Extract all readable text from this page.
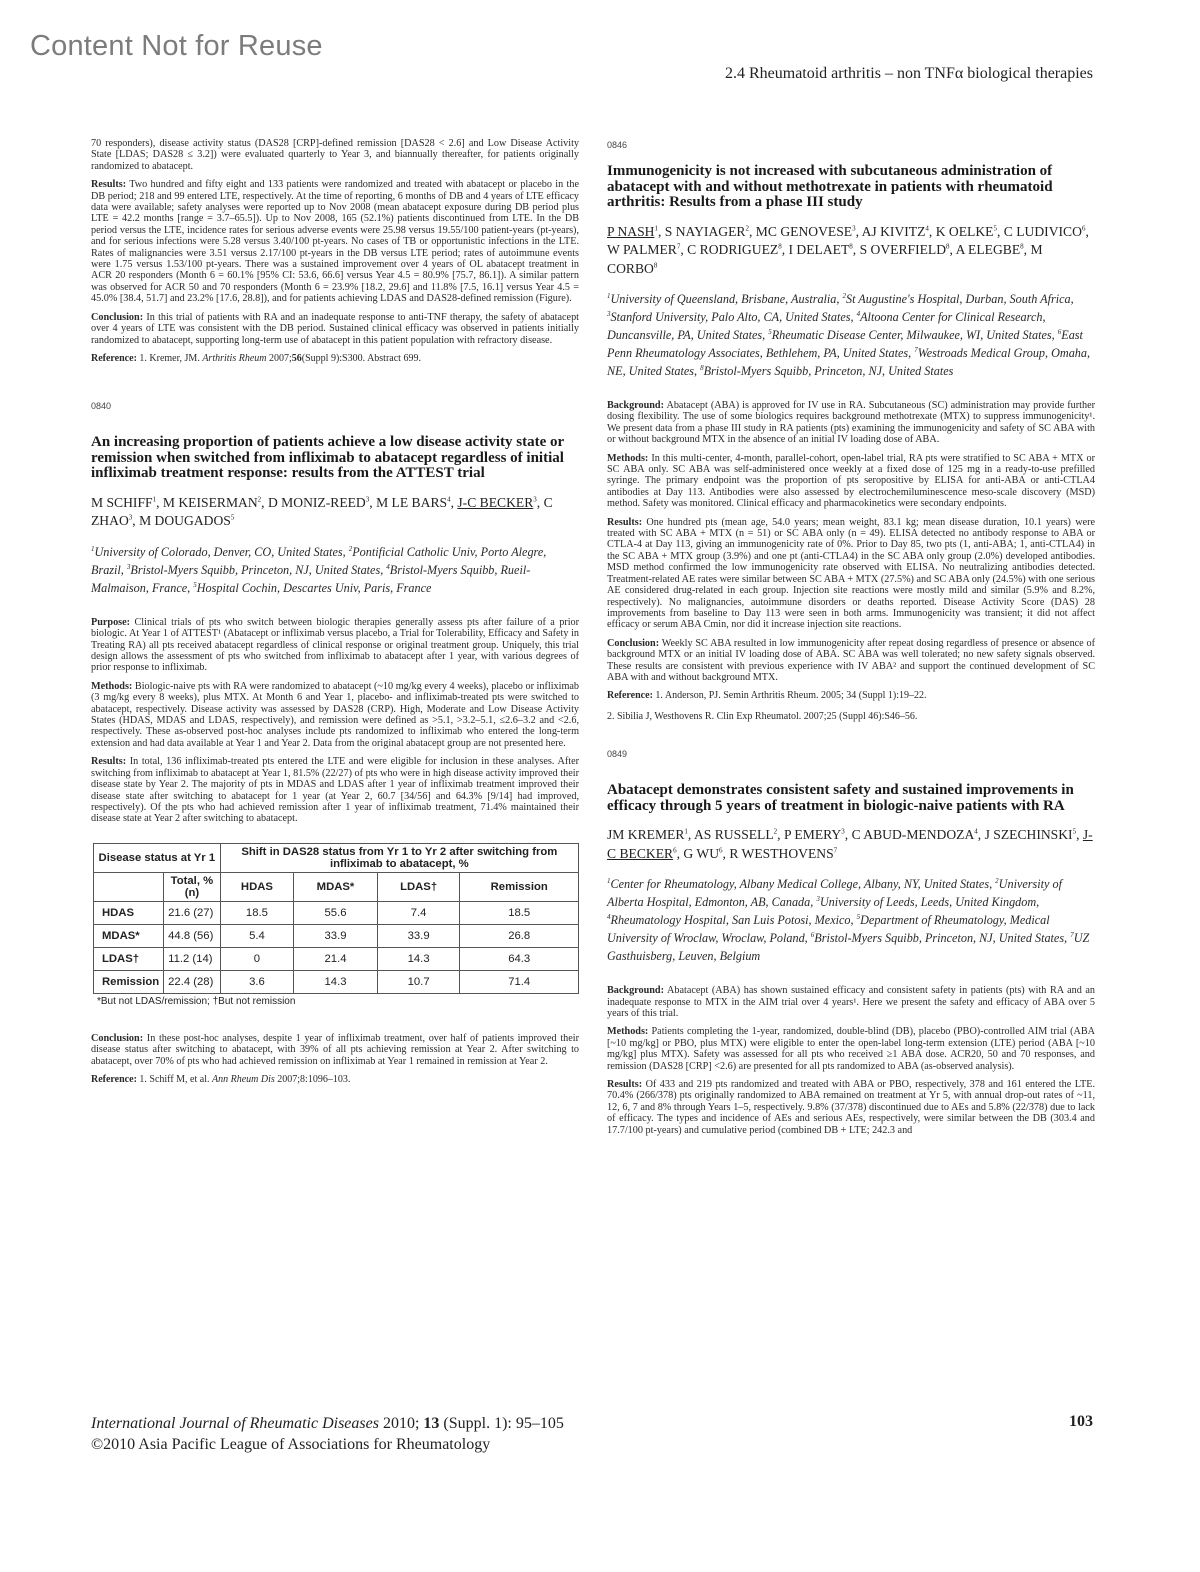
Content Not for Reuse
2.4 Rheumatoid arthritis – non TNFα biological therapies

70 responders), disease activity status (DAS28 [CRP]-defined remission [DAS28 < 2.6] and Low Disease Activity State [LDAS; DAS28 ≤ 3.2]) were evaluated quarterly to Year 3, and biannually thereafter, for patients originally randomized to abatacept.

Results: Two hundred and fifty eight and 133 patients were randomized and treated with abatacept or placebo in the DB period; 218 and 99 entered LTE, respectively. At the time of reporting, 6 months of DB and 4 years of LTE efficacy data were available; safety analyses were reported up to Nov 2008 (mean abatacept exposure during DB period plus LTE = 42.2 months [range = 3.7–65.5]). Up to Nov 2008, 165 (52.1%) patients discontinued from LTE. In the DB period versus the LTE, incidence rates for serious adverse events were 25.98 versus 19.55/100 patient-years (pt-years), and for serious infections were 5.28 versus 3.40/100 pt-years. No cases of TB or opportunistic infections in the LTE. Rates of malignancies were 3.51 versus 2.17/100 pt-years in the DB versus LTE period; rates of autoimmune events were 1.75 versus 1.53/100 pt-years. There was a sustained improvement over 4 years of OL abatacept treatment in ACR 20 responders (Month 6 = 60.1% [95% CI: 53.6, 66.6] versus Year 4.5 = 80.9% [75.7, 86.1]). A similar pattern was observed for ACR 50 and 70 responders (Month 6 = 23.9% [18.2, 29.6] and 11.8% [7.5, 16.1] versus Year 4.5 = 45.0% [38.4, 51.7] and 23.2% [17.6, 28.8]), and for patients achieving LDAS and DAS28-defined remission (Figure).

Conclusion: In this trial of patients with RA and an inadequate response to anti-TNF therapy, the safety of abatacept over 4 years of LTE was consistent with the DB period. Sustained clinical efficacy was observed in patients initially randomized to abatacept, supporting long-term use of abatacept in this patient population with refractory disease.

Reference: 1. Kremer, JM. Arthritis Rheum 2007;56(Suppl 9):S300. Abstract 699.

0840
An increasing proportion of patients achieve a low disease activity state or remission when switched from infliximab to abatacept regardless of initial infliximab treatment response: results from the ATTEST trial
M SCHIFF$^1$, M KEISERMAN$^2$, D MONIZ-REED$^3$, M LE BARS$^4$, J-C BECKER$^3$, C ZHAO$^3$, M DOUGADOS$^5$
$^1$University of Colorado, Denver, CO, United States, $^2$Pontificial Catholic Univ, Porto Alegre, Brazil, $^3$Bristol-Myers Squibb, Princeton, NJ, United States, $^4$Bristol-Myers Squibb, Rueil-Malmaison, France, $^5$Hospital Cochin, Descartes Univ, Paris, France

Purpose: Clinical trials of pts who switch between biologic therapies generally assess pts after failure of a prior biologic. At Year 1 of ATTEST¹ (Abatacept or infliximab versus placebo, a Trial for Tolerability, Efficacy and Safety in Treating RA) all pts received abatacept regardless of clinical response or original treatment group. Uniquely, this trial design allows the assessment of pts who switched from infliximab to abatacept after 1 year, with various degrees of prior response to infliximab.

Methods: Biologic-naive pts with RA were randomized to abatacept (~10 mg/kg every 4 weeks), placebo or infliximab (3 mg/kg every 8 weeks), plus MTX. At Month 6 and Year 1, placebo- and infliximab-treated pts were switched to abatacept, respectively. Disease activity was assessed by DAS28 (CRP). High, Moderate and Low Disease Activity States (HDAS, MDAS and LDAS, respectively), and remission were defined as >5.1, >3.2–5.1, ≤2.6–3.2 and <2.6, respectively. These as-observed post-hoc analyses include pts randomized to infliximab who entered the long-term extension and had data available at Year 1 and Year 2. Data from the original abatacept group are not presented here.

Results: In total, 136 infliximab-treated pts entered the LTE and were eligible for inclusion in these analyses. After switching from infliximab to abatacept at Year 1, 81.5% (22/27) of pts who were in high disease activity improved their disease state by Year 2. The majority of pts in MDAS and LDAS after 1 year of infliximab treatment improved their disease state after switching to abatacept for 1 year (at Year 2, 60.7 [34/56] and 64.3% [9/14] had improved, respectively). Of the pts who had achieved remission after 1 year of infliximab treatment, 71.4% maintained their disease state at Year 2 after switching to abatacept.

Disease status at Yr 1		Shift in DAS28 status from Yr 1 to Yr 2 after switching from infliximab to abatacept, %			

	Total, % (n)	HDAS	MDAS*	LDAS†	Remission
HDAS	21.6 (27)	18.5	55.6	7.4	18.5
MDAS*	44.8 (56)	5.4	33.9	33.9	26.8
LDAS†	11.2 (14)	0	21.4	14.3	64.3
Remission	22.4 (28)	3.6	14.3	10.7	71.4
*But not LDAS/remission; †But not remission

Conclusion: In these post-hoc analyses, despite 1 year of infliximab treatment, over half of patients improved their disease status after switching to abatacept, with 39% of all pts achieving remission at Year 2. After switching to abatacept, over 70% of pts who had achieved remission on infliximab at Year 1 remained in remission at Year 2.

Reference: 1. Schiff M, et al. Ann Rheum Dis 2007;8:1096–103.

0846
Immunogenicity is not increased with subcutaneous administration of abatacept with and without methotrexate in patients with rheumatoid arthritis: Results from a phase III study
P NASH$^1$, S NAYIAGER$^2$, MC GENOVESE$^3$, AJ KIVITZ$^4$, K OELKE$^5$, C LUDIVICO$^6$, W PALMER$^7$, C RODRIGUEZ$^8$, I DELAET$^8$, S OVERFIELD$^8$, A ELEGBE$^8$, M CORBO$^8$
$^1$University of Queensland, Brisbane, Australia, $^2$St Augustine's Hospital, Durban, South Africa, $^3$Stanford University, Palo Alto, CA, United States, $^4$Altoona Center for Clinical Research, Duncansville, PA, United States, $^5$Rheumatic Disease Center, Milwaukee, WI, United States, $^6$East Penn Rheumatology Associates, Bethlehem, PA, United States, $^7$Westroads Medical Group, Omaha, NE, United States, $^8$Bristol-Myers Squibb, Princeton, NJ, United States

Background: Abatacept (ABA) is approved for IV use in RA. Subcutaneous (SC) administration may provide further dosing flexibility. The use of some biologics requires background methotrexate (MTX) to suppress immunogenicity¹. We present data from a phase III study in RA patients (pts) examining the immunogenicity and safety of SC ABA with or without background MTX in the absence of an initial IV loading dose of ABA.

Methods: In this multi-center, 4-month, parallel-cohort, open-label trial, RA pts were stratified to SC ABA + MTX or SC ABA only. SC ABA was self-administered once weekly at a fixed dose of 125 mg in a ready-to-use prefilled syringe. The primary endpoint was the proportion of pts seropositive by ELISA for anti-ABA or anti-CTLA4 antibodies at Day 113. Antibodies were also assessed by electrochemiluminescence meso-scale discovery (MSD) method. Safety was monitored. Clinical efficacy and pharmacokinetics were secondary endpoints.

Results: One hundred pts (mean age, 54.0 years; mean weight, 83.1 kg; mean disease duration, 10.1 years) were treated with SC ABA + MTX (n = 51) or SC ABA only (n = 49). ELISA detected no antibody response to ABA or CTLA-4 at Day 113, giving an immunogenicity rate of 0%. Prior to Day 85, two pts (1, anti-ABA; 1, anti-CTLA4) in the SC ABA + MTX group (3.9%) and one pt (anti-CTLA4) in the SC ABA only group (2.0%) developed antibodies. MSD method confirmed the low immunogenicity rate observed with ELISA. No neutralizing antibodies detected. Treatment-related AE rates were similar between SC ABA + MTX (27.5%) and SC ABA only (24.5%) with one serious AE considered drug-related in each group. Injection site reactions were mostly mild and similar (5.9% and 8.2%, respectively). No malignancies, autoimmune disorders or deaths reported. Disease Activity Score (DAS) 28 improvements from baseline to Day 113 were seen in both arms. Immunogenicity was transient; it did not affect efficacy or serum ABA Cmin, nor did it increase injection site reactions.

Conclusion: Weekly SC ABA resulted in low immunogenicity after repeat dosing regardless of presence or absence of background MTX or an initial IV loading dose of ABA. SC ABA was well tolerated; no new safety signals observed. These results are consistent with previous experience with IV ABA² and support the continued development of SC ABA with and without background MTX.

Reference: 1. Anderson, PJ. Semin Arthritis Rheum. 2005; 34 (Suppl 1):19–22.

2. Sibilia J, Westhovens R. Clin Exp Rheumatol. 2007;25 (Suppl 46):S46–56.

0849
Abatacept demonstrates consistent safety and sustained improvements in efficacy through 5 years of treatment in biologic-naive patients with RA
JM KREMER$^1$, AS RUSSELL$^2$, P EMERY$^3$, C ABUD-MENDOZA$^4$, J SZECHINSKI$^5$, J-C BECKER$^6$, G $WU^6$, R WESTHOVENS$^7$
$^1$Center for Rheumatology, Albany Medical College, Albany, NY, United States, $^2$University of Alberta Hospital, Edmonton, AB, Canada, $^3$University of Leeds, Leeds, United Kingdom, $^4$Rheumatology Hospital, San Luis Potosi, Mexico, $^5$Department of Rheumatology, Medical University of Wroclaw, Wroclaw, Poland, $^6$Bristol-Myers Squibb, Princeton, NJ, United States, $^7$UZ Gasthuisberg, Leuven, Belgium

Background: Abatacept (ABA) has shown sustained efficacy and consistent safety in patients (pts) with RA and an inadequate response to MTX in the AIM trial over 4 years¹. Here we present the safety and efficacy of ABA over 5 years of this trial.

Methods: Patients completing the 1-year, randomized, double-blind (DB), placebo (PBO)-controlled AIM trial (ABA [~10 mg/kg] or PBO, plus MTX) were eligible to enter the open-label long-term extension (LTE) period (ABA [~10 mg/kg] plus MTX). Safety was assessed for all pts who received ≥1 ABA dose. ACR20, 50 and 70 responses, and remission (DAS28 [CRP] <2.6) are presented for all pts randomized to ABA (as-observed analysis).

Results: Of 433 and 219 pts randomized and treated with ABA or PBO, respectively, 378 and 161 entered the LTE. 70.4% (266/378) pts originally randomized to ABA remained on treatment at Yr 5, with annual drop-out rates of ~11, 12, 6, 7 and 8% through Years 1–5, respectively. 9.8% (37/378) discontinued due to AEs and 5.8% (22/378) due to lack of efficacy. The types and incidence of AEs and serious AEs, respectively, were similar between the DB (303.4 and 17.7/100 pt-years) and cumulative period (combined DB + LTE; 242.3 and

International Journal of Rheumatic Diseases 2010; 13 (Suppl. 1): 95–105
©2010 Asia Pacific League of Associations for Rheumatology
103
